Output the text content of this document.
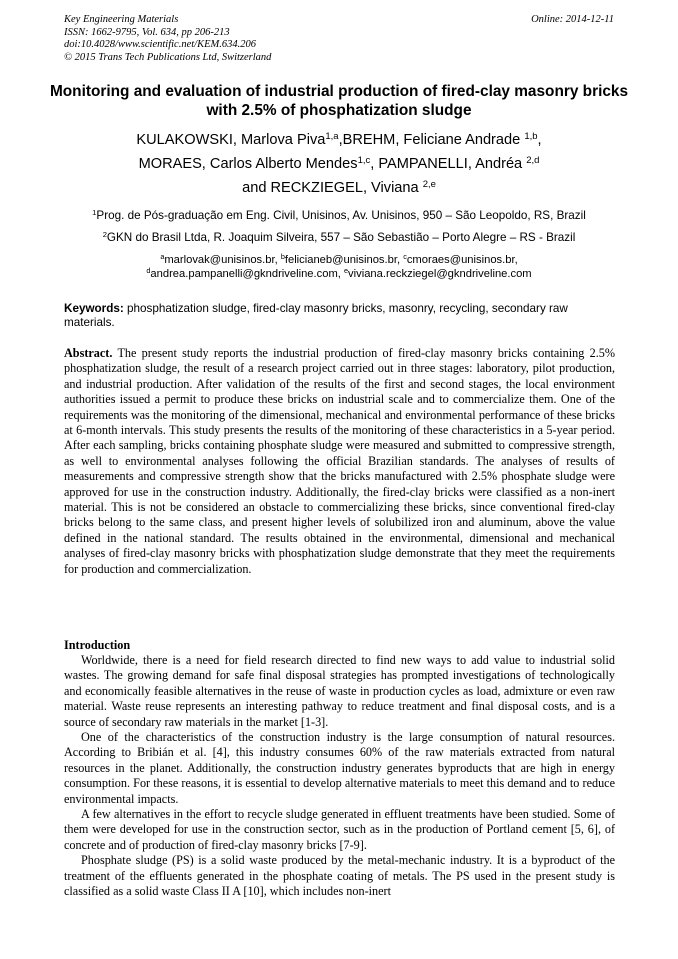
Key Engineering Materials
ISSN: 1662-9795, Vol. 634, pp 206-213
doi:10.4028/www.scientific.net/KEM.634.206
© 2015 Trans Tech Publications Ltd, Switzerland
Online: 2014-12-11
Monitoring and evaluation of industrial production of fired-clay masonry bricks with 2.5% of phosphatization sludge
KULAKOWSKI, Marlova Piva$^{1,a}$,BREHM, Feliciane Andrade $^{1,b}$,
MORAES, Carlos Alberto Mendes$^{1,c}$, PAMPANELLI, Andréa $^{2,d}$
and RECKZIEGEL, Viviana $^{2,e}$
$^1$Prog. de Pós-graduação em Eng. Civil, Unisinos, Av. Unisinos, 950 – São Leopoldo, RS, Brazil
$^2$GKN do Brasil Ltda, R. Joaquim Silveira, 557 – São Sebastião – Porto Alegre – RS - Brazil
$^a$marlovak@unisinos.br, $^b$felicianeb@unisinos.br, $^c$cmoraes@unisinos.br,
$^d$andrea.pampanelli@gkndriveline.com, $^e$viviana.reckziegel@gkndriveline.com
Keywords: phosphatization sludge, fired-clay masonry bricks, masonry, recycling, secondary raw materials.
Abstract. The present study reports the industrial production of fired-clay masonry bricks containing 2.5% phosphatization sludge, the result of a research project carried out in three stages: laboratory, pilot production, and industrial production. After validation of the results of the first and second stages, the local environment authorities issued a permit to produce these bricks on industrial scale and to commercialize them. One of the requirements was the monitoring of the dimensional, mechanical and environmental performance of these bricks at 6-month intervals. This study presents the results of the monitoring of these characteristics in a 5-year period. After each sampling, bricks containing phosphate sludge were measured and submitted to compressive strength, as well to environmental analyses following the official Brazilian standards. The analyses of results of measurements and compressive strength show that the bricks manufactured with 2.5% phosphate sludge were approved for use in the construction industry. Additionally, the fired-clay bricks were classified as a non-inert material. This is not be considered an obstacle to commercializing these bricks, since conventional fired-clay bricks belong to the same class, and present higher levels of solubilized iron and aluminum, above the value defined in the national standard. The results obtained in the environmental, dimensional and mechanical analyses of fired-clay masonry bricks with phosphatization sludge demonstrate that they meet the requirements for production and commercialization.
Introduction

Worldwide, there is a need for field research directed to find new ways to add value to industrial solid wastes. The growing demand for safe final disposal strategies has prompted investigations of technologically and economically feasible alternatives in the reuse of waste in production cycles as load, admixture or even raw material. Waste reuse represents an interesting pathway to reduce treatment and final disposal costs, and is a source of secondary raw materials in the market [1-3].

One of the characteristics of the construction industry is the large consumption of natural resources. According to Bribián et al. [4], this industry consumes 60% of the raw materials extracted from natural resources in the planet. Additionally, the construction industry generates byproducts that are high in energy consumption. For these reasons, it is essential to develop alternative materials to meet this demand and to reduce environmental impacts.

A few alternatives in the effort to recycle sludge generated in effluent treatments have been studied. Some of them were developed for use in the construction sector, such as in the production of Portland cement [5, 6], of concrete and of production of fired-clay masonry bricks [7-9].

Phosphate sludge (PS) is a solid waste produced by the metal-mechanic industry. It is a byproduct of the treatment of the effluents generated in the phosphate coating of metals. The PS used in the present study is classified as a solid waste Class II A [10], which includes non-inert
